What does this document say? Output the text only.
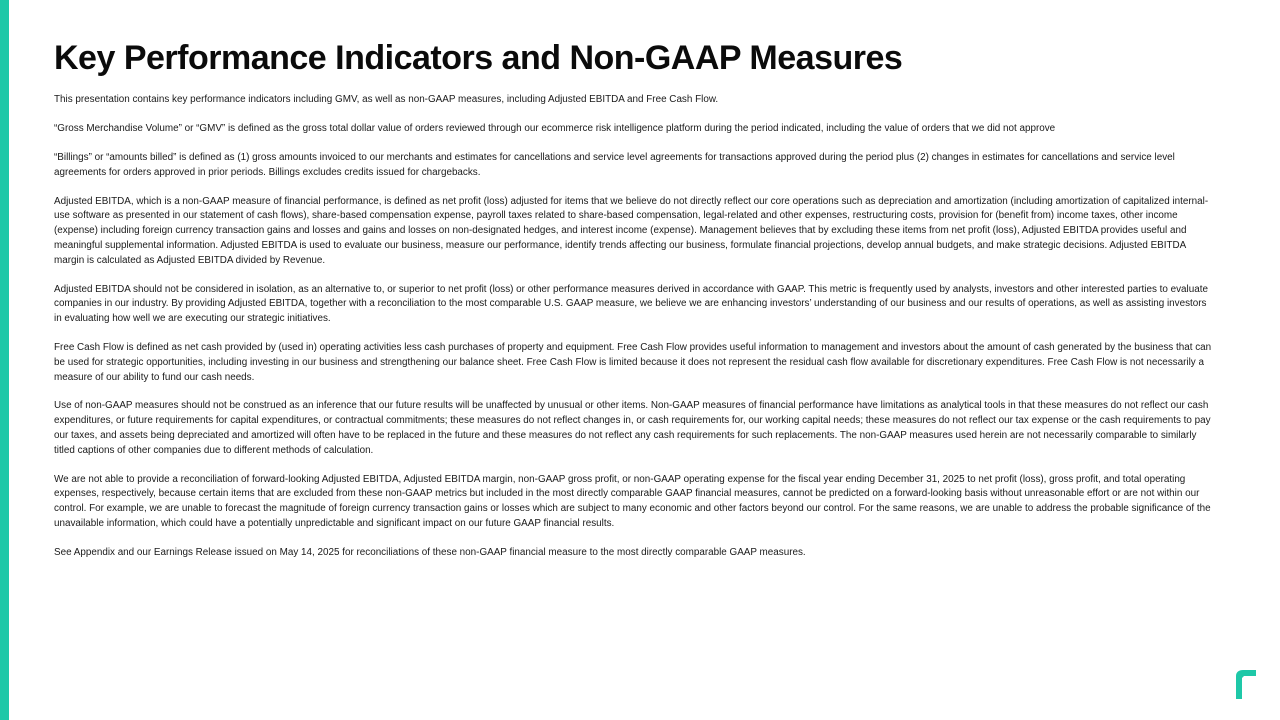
Key Performance Indicators and Non-GAAP Measures

This presentation contains key performance indicators including GMV, as well as non-GAAP measures, including Adjusted EBITDA and Free Cash Flow.

“Gross Merchandise Volume” or “GMV” is defined as the gross total dollar value of orders reviewed through our ecommerce risk intelligence platform during the period indicated, including the value of orders that we did not approve

“Billings” or “amounts billed” is defined as (1) gross amounts invoiced to our merchants and estimates for cancellations and service level agreements for transactions approved during the period plus (2) changes in estimates for cancellations and service level agreements for orders approved in prior periods. Billings excludes credits issued for chargebacks.

Adjusted EBITDA, which is a non-GAAP measure of financial performance, is defined as net profit (loss) adjusted for items that we believe do not directly reflect our core operations such as depreciation and amortization (including amortization of capitalized internal-use software as presented in our statement of cash flows), share-based compensation expense, payroll taxes related to share-based compensation, legal-related and other expenses, restructuring costs, provision for (benefit from) income taxes, other income (expense) including foreign currency transaction gains and losses and gains and losses on non-designated hedges, and interest income (expense). Management believes that by excluding these items from net profit (loss), Adjusted EBITDA provides useful and meaningful supplemental information. Adjusted EBITDA is used to evaluate our business, measure our performance, identify trends affecting our business, formulate financial projections, develop annual budgets, and make strategic decisions. Adjusted EBITDA margin is calculated as Adjusted EBITDA divided by Revenue.

Adjusted EBITDA should not be considered in isolation, as an alternative to, or superior to net profit (loss) or other performance measures derived in accordance with GAAP. This metric is frequently used by analysts, investors and other interested parties to evaluate companies in our industry. By providing Adjusted EBITDA, together with a reconciliation to the most comparable U.S. GAAP measure, we believe we are enhancing investors’ understanding of our business and our results of operations, as well as assisting investors in evaluating how well we are executing our strategic initiatives.

Free Cash Flow is defined as net cash provided by (used in) operating activities less cash purchases of property and equipment. Free Cash Flow provides useful information to management and investors about the amount of cash generated by the business that can be used for strategic opportunities, including investing in our business and strengthening our balance sheet. Free Cash Flow is limited because it does not represent the residual cash flow available for discretionary expenditures. Free Cash Flow is not necessarily a measure of our ability to fund our cash needs.

Use of non-GAAP measures should not be construed as an inference that our future results will be unaffected by unusual or other items. Non-GAAP measures of financial performance have limitations as analytical tools in that these measures do not reflect our cash expenditures, or future requirements for capital expenditures, or contractual commitments; these measures do not reflect changes in, or cash requirements for, our working capital needs; these measures do not reflect our tax expense or the cash requirements to pay our taxes, and assets being depreciated and amortized will often have to be replaced in the future and these measures do not reflect any cash requirements for such replacements. The non-GAAP measures used herein are not necessarily comparable to similarly titled captions of other companies due to different methods of calculation.

We are not able to provide a reconciliation of forward-looking Adjusted EBITDA, Adjusted EBITDA margin, non-GAAP gross profit, or non-GAAP operating expense for the fiscal year ending December 31, 2025 to net profit (loss), gross profit, and total operating expenses, respectively, because certain items that are excluded from these non-GAAP metrics but included in the most directly comparable GAAP financial measures, cannot be predicted on a forward-looking basis without unreasonable effort or are not within our control. For example, we are unable to forecast the magnitude of foreign currency transaction gains or losses which are subject to many economic and other factors beyond our control. For the same reasons, we are unable to address the probable significance of the unavailable information, which could have a potentially unpredictable and significant impact on our future GAAP financial results.

See Appendix and our Earnings Release issued on May 14, 2025 for reconciliations of these non-GAAP financial measure to the most directly comparable GAAP measures.
